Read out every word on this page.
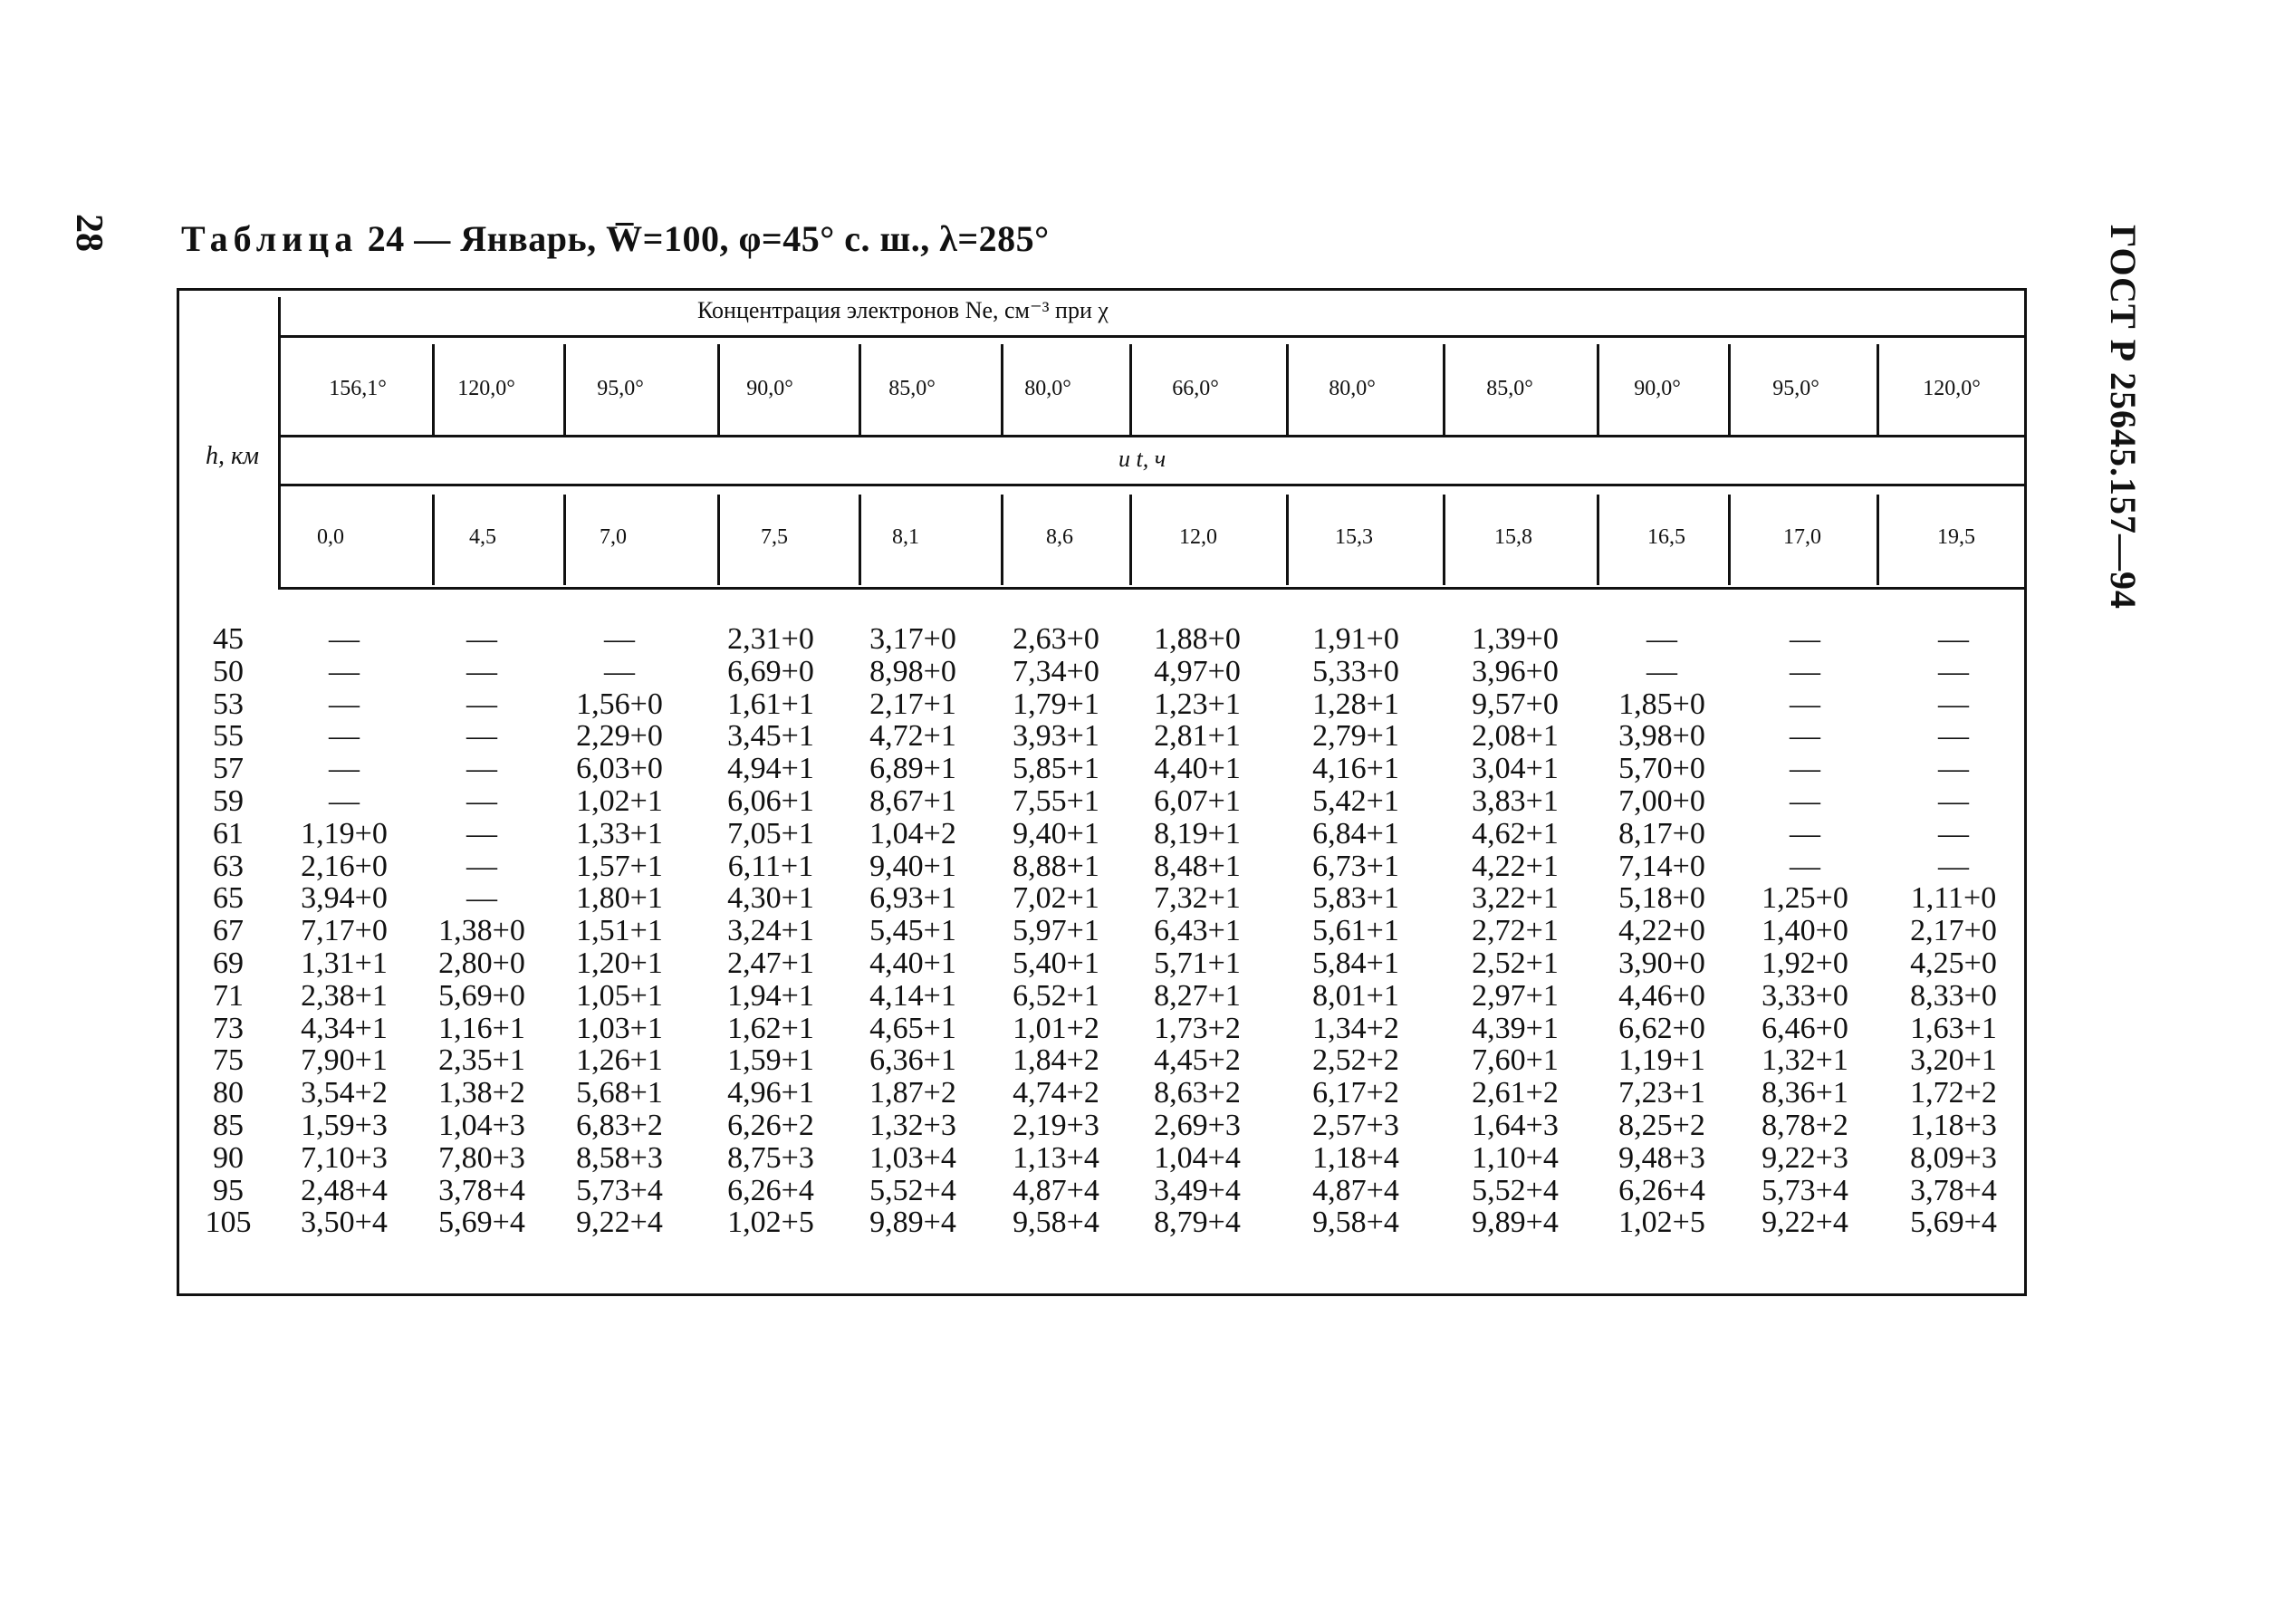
28 Таблица 24 — Январь, W̅=100, φ=45° с. ш., λ=285°	ГОСТ Р 25645.157—94
Концентрация электронов Ne, см⁻³ при χ
h, км	и t, ч
156,1°	120,0°	95,0°	90,0°	85,0°	80,0°	66,0°	80,0°	85,0°	90,0°	95,0°	120,0°
0,0	4,5	7,0	7,5	8,1	8,6	12,0	15,3	15,8	16,5	17,0	19,5
45	—	—	—	2,31+0 3,17+0 2,63+0 1,88+0 1,91+0 1,39+0	—	—	—
50	—	—	—	6,69+0 8,98+0 7,34+0 4,97+0 5,33+0 3,96+0	—	—	—
53	—	—	1,56+0 1,61+1 2,17+1 1,79+1 1,23+1 1,28+1 9,57+0 1,85+0	—	—
55	—	—	2,29+0 3,45+1 4,72+1 3,93+1 2,81+1 2,79+1 2,08+1 3,98+0	—	—
57	—	—	6,03+0 4,94+1 6,89+1 5,85+1 4,40+1 4,16+1 3,04+1 5,70+0	—	—
59	—	—	1,02+1 6,06+1 8,67+1 7,55+1 6,07+1 5,42+1 3,83+1 7,00+0	—	—
61	1,19+0	—	1,33+1 7,05+1 1,04+2 9,40+1 8,19+1 6,84+1 4,62+1 8,17+0	—	—
63	2,16+0	—	1,57+1 6,11+1 9,40+1 8,88+1 8,48+1 6,73+1 4,22+1 7,14+0	—	—
65	3,94+0	—	1,80+1 4,30+1 6,93+1 7,02+1 7,32+1 5,83+1 3,22+1 5,18+0 1,25+0 1,11+0
67	7,17+0 1,38+0 1,51+1 3,24+1 5,45+1 5,97+1 6,43+1 5,61+1 2,72+1 4,22+0 1,40+0 2,17+0
69	1,31+1 2,80+0 1,20+1 2,47+1 4,40+1 5,40+1 5,71+1 5,84+1 2,52+1 3,90+0 1,92+0 4,25+0
71	2,38+1 5,69+0 1,05+1 1,94+1 4,14+1 6,52+1 8,27+1 8,01+1 2,97+1 4,46+0 3,33+0 8,33+0
73	4,34+1 1,16+1 1,03+1 1,62+1 4,65+1 1,01+2 1,73+2 1,34+2 4,39+1 6,62+0 6,46+0 1,63+1
75	7,90+1 2,35+1 1,26+1 1,59+1 6,36+1 1,84+2 4,45+2 2,52+2 7,60+1 1,19+1 1,32+1 3,20+1
80	3,54+2 1,38+2 5,68+1 4,96+1 1,87+2 4,74+2 8,63+2 6,17+2 2,61+2 7,23+1 8,36+1 1,72+2
85	1,59+3 1,04+3 6,83+2 6,26+2 1,32+3 2,19+3 2,69+3 2,57+3 1,64+3 8,25+2 8,78+2 1,18+3
90	7,10+3 7,80+3 8,58+3 8,75+3 1,03+4 1,13+4 1,04+4 1,18+4 1,10+4 9,48+3 9,22+3 8,09+3
95	2,48+4 3,78+4 5,73+4 6,26+4 5,52+4 4,87+4 3,49+4 4,87+4 5,52+4 6,26+4 5,73+4 3,78+4
105 3,50+4 5,69+4 9,22+4 1,02+5 9,89+4 9,58+4 8,79+4 9,58+4 9,89+4 1,02+5 9,22+4 5,69+4
